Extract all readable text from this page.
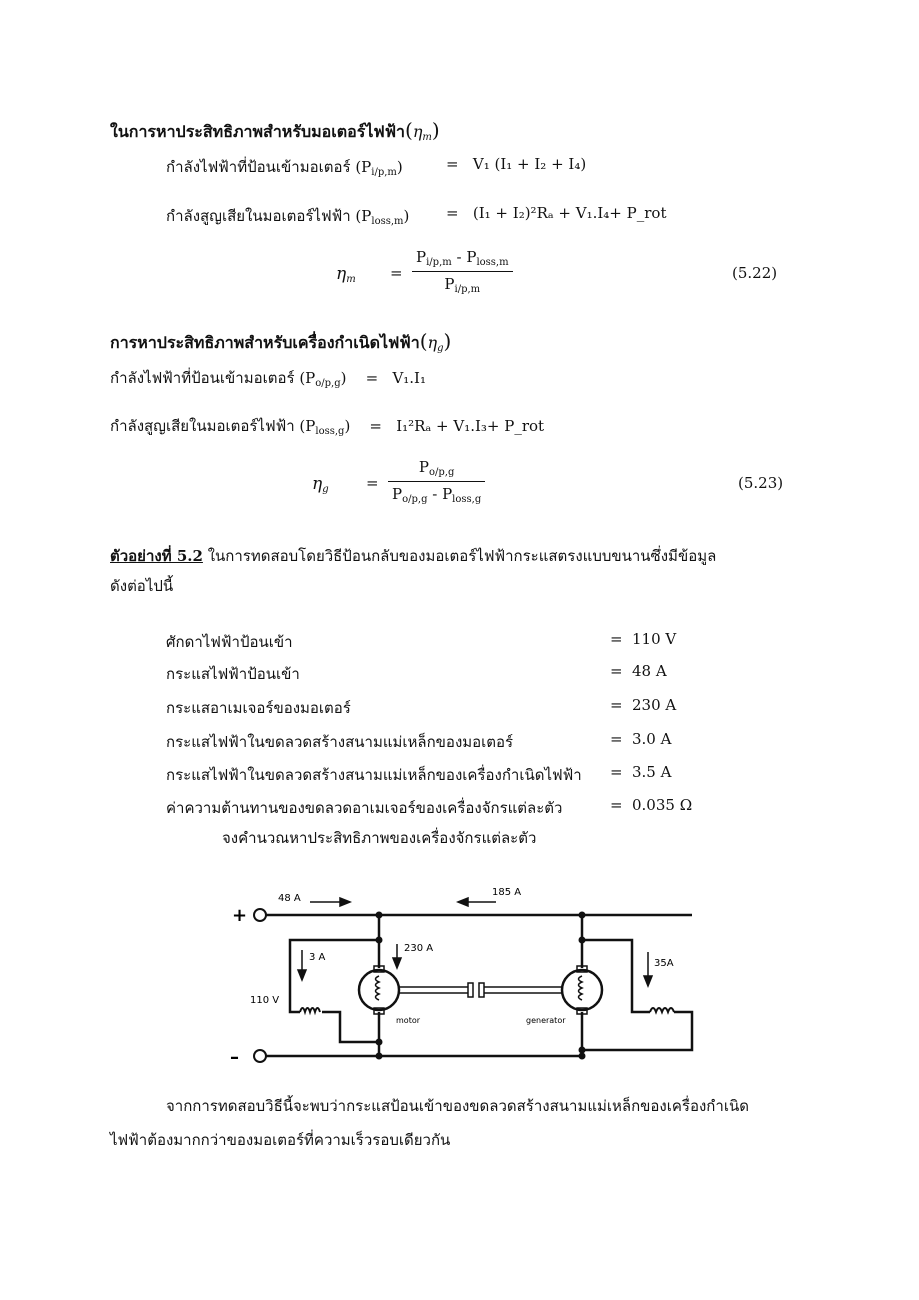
ในการหาประสิทธิภาพสำหรับมอเตอร์ไฟฟ้า$(\eta_m)$
กำลังไฟฟ้าที่ป้อนเข้ามอเตอร์ $(P_{i/p,m})$	=   V₁ (I₁ + I₂ + I₄)
กำลังสูญเสียในมอเตอร์ไฟฟ้า $(P_{loss,m}) = (I_1 + I_2)^2R_a + V_1.I_4+$ P_rot
$\eta_m$ =
$P_{i/p,m} - P_{loss,m}$
$P_{i/p,m}$
(5.22)
การหาประสิทธิภาพสำหรับเครื่องกำเนิดไฟฟ้า$(\eta_g)$
กำลังไฟฟ้าที่ป้อนเข้ามอเตอร์ $(P_{o/p,g})$    =   V₁.I₁
กำลังสูญเสียในมอเตอร์ไฟฟ้า $(P_{loss,g})$    =   I₁²Rₐ + V₁.I₃+ P_rot
$\eta_g$ =
$P_{o/p,g}$
$P_{o/p,g} - P_{loss,g}$
(5.23)
ตัวอย่างที่ 5.2 ในการทดสอบโดยวิธีป้อนกลับของมอเตอร์ไฟฟ้ากระแสตรงแบบขนานซึ่งมีข้อมูล
ดังต่อไปนี้
ศักดาไฟฟ้าป้อนเข้า	= 110 V
กระแสไฟฟ้าป้อนเข้า	= 48 A
กระแสอาเมเจอร์ของมอเตอร์	= 230 A
กระแสไฟฟ้าในขดลวดสร้างสนามแม่เหล็กของมอเตอร์	= 3.0 A
กระแสไฟฟ้าในขดลวดสร้างสนามแม่เหล็กของเครื่องกำเนิดไฟฟ้า = 3.5 A
ค่าความต้านทานของขดลวดอาเมเจอร์ของเครื่องจักรแต่ละตัว	= 0.035 Ω
จงคำนวณหาประสิทธิภาพของเครื่องจักรแต่ละตัว
+
–
48 A
185 A
3 A
230 A
35A
110 V
motor	generator
จากการทดสอบวิธีนี้จะพบว่ากระแสป้อนเข้าของขดลวดสร้างสนามแม่เหล็กของเครื่องกำเนิด
ไฟฟ้าต้องมากกว่าของมอเตอร์ที่ความเร็วรอบเดียวกัน
